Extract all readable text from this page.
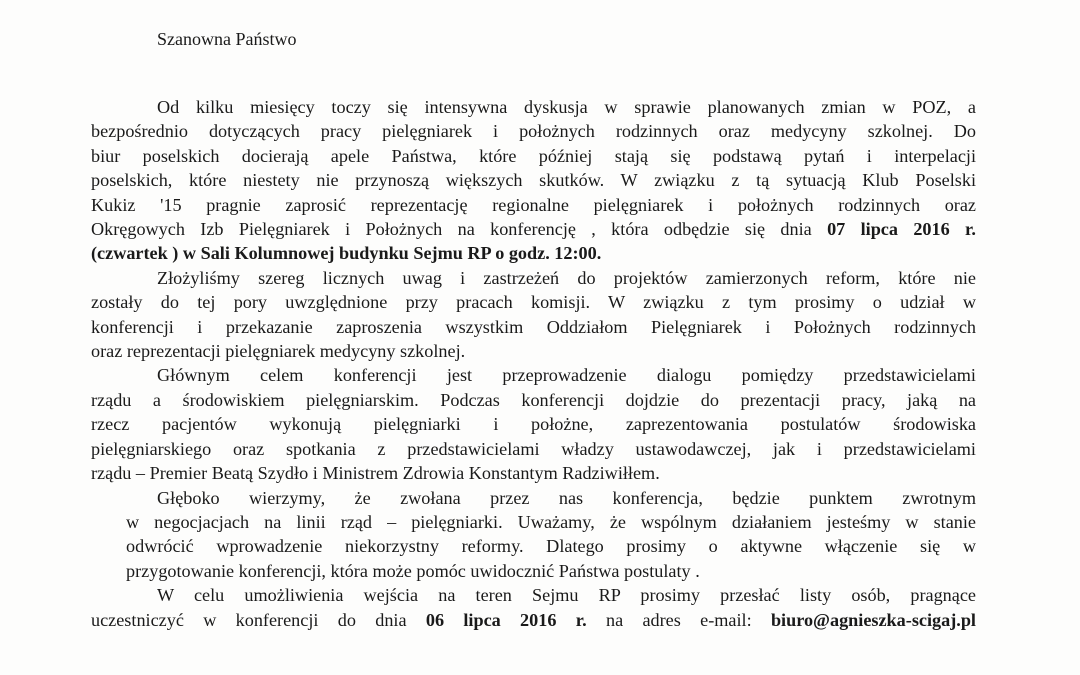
Szanowna Państwo

Od kilku miesięcy toczy się intensywna dyskusja w sprawie planowanych zmian w POZ, a
bezpośrednio dotyczących pracy pielęgniarek i położnych rodzinnych oraz medycyny szkolnej. Do
biur poselskich docierają apele Państwa, które później stają się podstawą pytań i interpelacji
poselskich, które niestety nie przynoszą większych skutków. W związku z tą sytuacją Klub Poselski
Kukiz '15 pragnie zaprosić reprezentację regionalne pielęgniarek i położnych rodzinnych oraz
Okręgowych Izb Pielęgniarek i Położnych na konferencję , która odbędzie się dnia 07 lipca 2016 r.
(czwartek ) w Sali Kolumnowej budynku Sejmu RP o godz. 12:00.
Złożyliśmy szereg licznych uwag i zastrzeżeń do projektów zamierzonych reform, które nie
zostały do tej pory uwzględnione przy pracach komisji. W związku z tym prosimy o udział w
konferencji i przekazanie zaproszenia wszystkim Oddziałom Pielęgniarek i Położnych rodzinnych
oraz reprezentacji pielęgniarek medycyny szkolnej.
Głównym celem konferencji jest przeprowadzenie dialogu pomiędzy przedstawicielami
rządu a środowiskiem pielęgniarskim. Podczas konferencji dojdzie do prezentacji pracy, jaką na
rzecz pacjentów wykonują pielęgniarki i położne, zaprezentowania postulatów środowiska
pielęgniarskiego oraz spotkania z przedstawicielami władzy ustawodawczej, jak i przedstawicielami
rządu – Premier Beatą Szydło i Ministrem Zdrowia Konstantym Radziwiłłem.
Głęboko wierzymy, że zwołana przez nas konferencja, będzie punktem zwrotnym
w negocjacjach na linii rząd – pielęgniarki. Uważamy, że wspólnym działaniem jesteśmy w stanie
odwrócić wprowadzenie niekorzystny reformy. Dlatego prosimy o aktywne włączenie się w
przygotowanie konferencji, która może pomóc uwidocznić Państwa postulaty .
W celu umożliwienia wejścia na teren Sejmu RP prosimy przesłać listy osób, pragnące
uczestniczyć w konferencji do dnia 06 lipca 2016 r. na adres e-mail: biuro@agnieszka-scigaj.pl
